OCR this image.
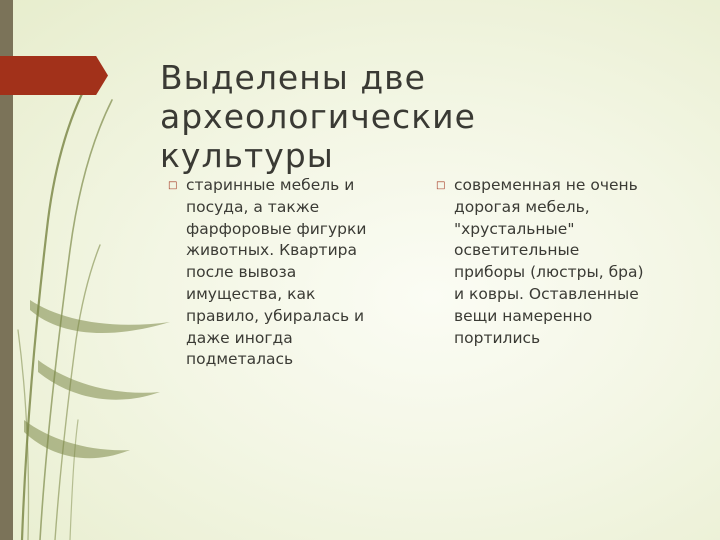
Выделены две археологические культуры
□ старинные мебель и посуда, а также фарфоровые фигурки животных. Квартира после вывоза имущества, как правило, убиралась и даже иногда подметалась
□ современная не очень дорогая мебель, "хрустальные" осветительные приборы (люстры, бра) и ковры. Оставленные вещи намеренно портились
